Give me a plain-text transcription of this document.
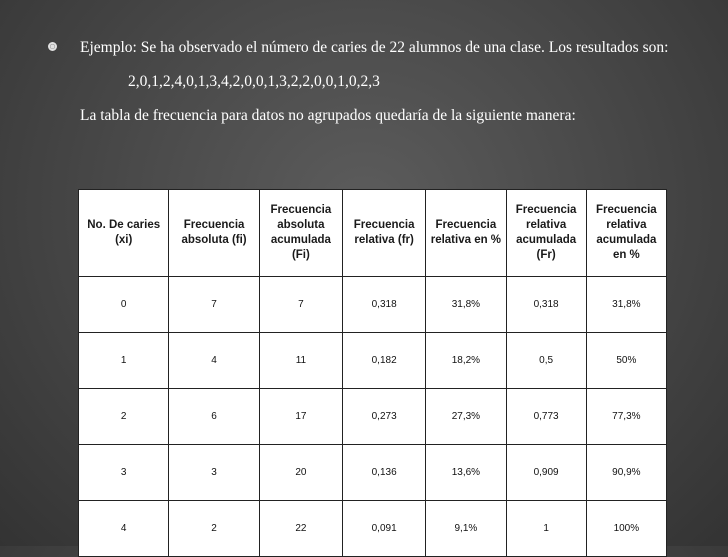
Ejemplo: Se ha observado el número de caries de 22 alumnos de una clase. Los resultados son:
2,0,1,2,4,0,1,3,4,2,0,0,1,3,2,2,0,0,1,0,2,3
La tabla de frecuencia para datos no agrupados quedaría de la siguiente manera:
No. De caries (xi)	Frecuencia absoluta (fi)	Frecuencia absoluta acumulada (Fi)	Frecuencia relativa (fr)	Frecuencia relativa en %	Frecuencia relativa acumulada (Fr)	Frecuencia relativa acumulada en %
0	7	7	0,318	31,8%	0,318	31,8%
1	4	11	0,182	18,2%	0,5	50%
2	6	17	0,273	27,3%	0,773	77,3%
3	3	20	0,136	13,6%	0,909	90,9%
4	2	22	0,091	9,1%	1	100%
